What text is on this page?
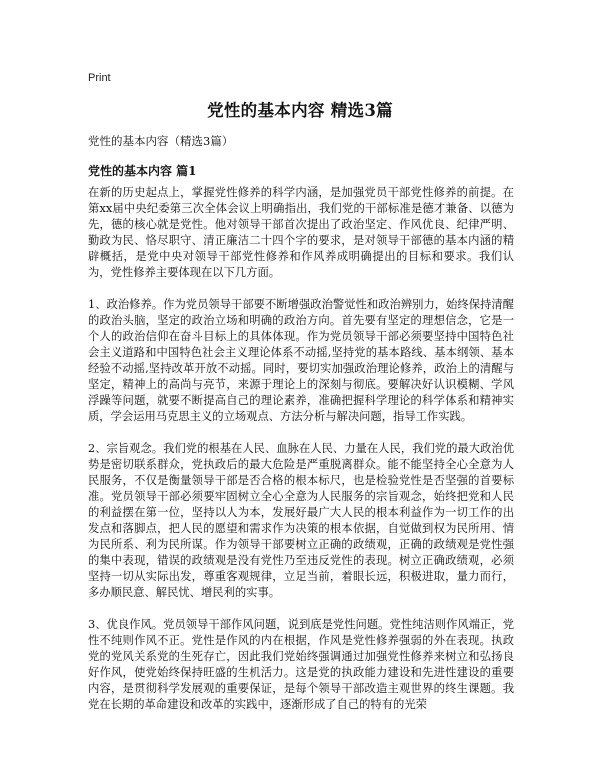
Print
党性的基本内容 精选3篇
党性的基本内容（精选3篇）
党性的基本内容 篇1

在新的历史起点上，掌握党性修养的科学内涵，是加强党员干部党性修养的前提。在第xx届中央纪委第三次全体会议上明确指出，我们党的干部标准是德才兼备、以德为先，德的核心就是党性。他对领导干部首次提出了政治坚定、作风优良、纪律严明、勤政为民、恪尽职守、清正廉洁二十四个字的要求，是对领导干部德的基本内涵的精辟概括，是党中央对领导干部党性修养和作风养成明确提出的目标和要求。我们认为，党性修养主要体现在以下几方面。

1、政治修养。作为党员领导干部要不断增强政治警觉性和政治辨别力，始终保持清醒的政治头脑，坚定的政治立场和明确的政治方向。首先要有坚定的理想信念，它是一个人的政治信仰在奋斗目标上的具体体现。作为党员领导干部必须要坚持中国特色社会主义道路和中国特色社会主义理论体系不动摇,坚持党的基本路线、基本纲领、基本经验不动摇,坚持改革开放不动摇。同时，要切实加强政治理论修养，政治上的清醒与坚定，精神上的高尚与亮节，来源于理论上的深刻与彻底。要解决好认识模糊、学风浮躁等问题，就要不断提高自己的理论素养，准确把握科学理论的科学体系和精神实质，学会运用马克思主义的立场观点、方法分析与解决问题，指导工作实践。

2、宗旨观念。我们党的根基在人民、血脉在人民、力量在人民，我们党的最大政治优势是密切联系群众，党执政后的最大危险是严重脱离群众。能不能坚持全心全意为人民服务，不仅是衡量领导干部是否合格的根本标尺，也是检验党性是否坚强的首要标准。党员领导干部必须要牢固树立全心全意为人民服务的宗旨观念，始终把党和人民的利益摆在第一位，坚持以人为本，发展好最广大人民的根本利益作为一切工作的出发点和落脚点，把人民的愿望和需求作为决策的根本依据，自觉做到权为民所用、情为民所系、利为民所谋。作为领导干部要树立正确的政绩观，正确的政绩观是党性强的集中表现，错误的政绩观是没有党性乃至违反党性的表现。树立正确政绩观，必须坚持一切从实际出发，尊重客观规律，立足当前，着眼长远，积极进取，量力而行，多办顺民意、解民忧、增民利的实事。

3、优良作风。党员领导干部作风问题，说到底是党性问题。党性纯洁则作风端正，党性不纯则作风不正。党性是作风的内在根据，作风是党性修养强弱的外在表现。执政党的党风关系党的生死存亡，因此我们党始终强调通过加强党性修养来树立和弘扬良好作风，使党始终保持旺盛的生机活力。这是党的执政能力建设和先进性建设的重要内容，是贯彻科学发展观的重要保证，是每个领导干部改造主观世界的终生课题。我党在长期的革命建设和改革的实践中，逐渐形成了自己的特有的光荣
